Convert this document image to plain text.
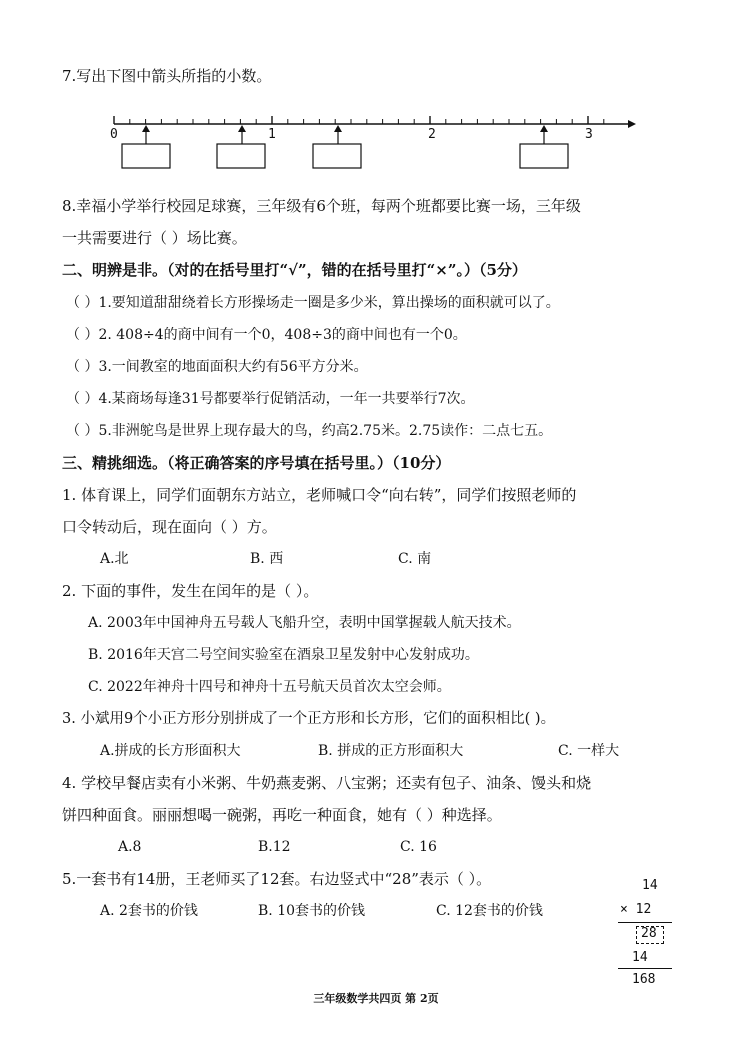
7.写出下图中箭头所指的小数。
0	1	2	3
8.幸福小学举行校园足球赛，三年级有6个班，每两个班都要比赛一场，三年级
一共需要进行（ ）场比赛。
二、明辨是非。（对的在括号里打“√”，错的在括号里打“×”。）（5分）
（ ）1.要知道甜甜绕着长方形操场走一圈是多少米，算出操场的面积就可以了。
（ ）2. 408÷4的商中间有一个0，408÷3的商中间也有一个0。
（ ）3.一间教室的地面面积大约有56平方分米。
（ ）4.某商场每逢31号都要举行促销活动，一年一共要举行7次。
（ ）5.非洲鸵鸟是世界上现存最大的鸟，约高2.75米。2.75读作：二点七五。
三、精挑细选。（将正确答案的序号填在括号里。）（10分）
1. 体育课上，同学们面朝东方站立，老师喊口令“向右转”，同学们按照老师的
口令转动后，现在面向（ ）方。
A.北	B. 西	C. 南
2. 下面的事件，发生在闰年的是（ ）。
A. 2003年中国神舟五号载人飞船升空，表明中国掌握载人航天技术。
B. 2016年天宫二号空间实验室在酒泉卫星发射中心发射成功。
C. 2022年神舟十四号和神舟十五号航天员首次太空会师。
3. 小斌用9个小正方形分别拼成了一个正方形和长方形，它们的面积相比( )。
A.拼成的长方形面积大	B. 拼成的正方形面积大	C. 一样大
4. 学校早餐店卖有小米粥、牛奶燕麦粥、八宝粥；还卖有包子、油条、馒头和烧
饼四种面食。丽丽想喝一碗粥，再吃一种面食，她有（ ）种选择。
A.8	B.12	C. 16
5.一套书有14册，王老师买了12套。右边竖式中“28”表示（ ）。
A. 2套书的价钱	B. 10套书的价钱	C. 12套书的价钱
14
× 12
28
14
168
三年级数学共四页 第 2页
